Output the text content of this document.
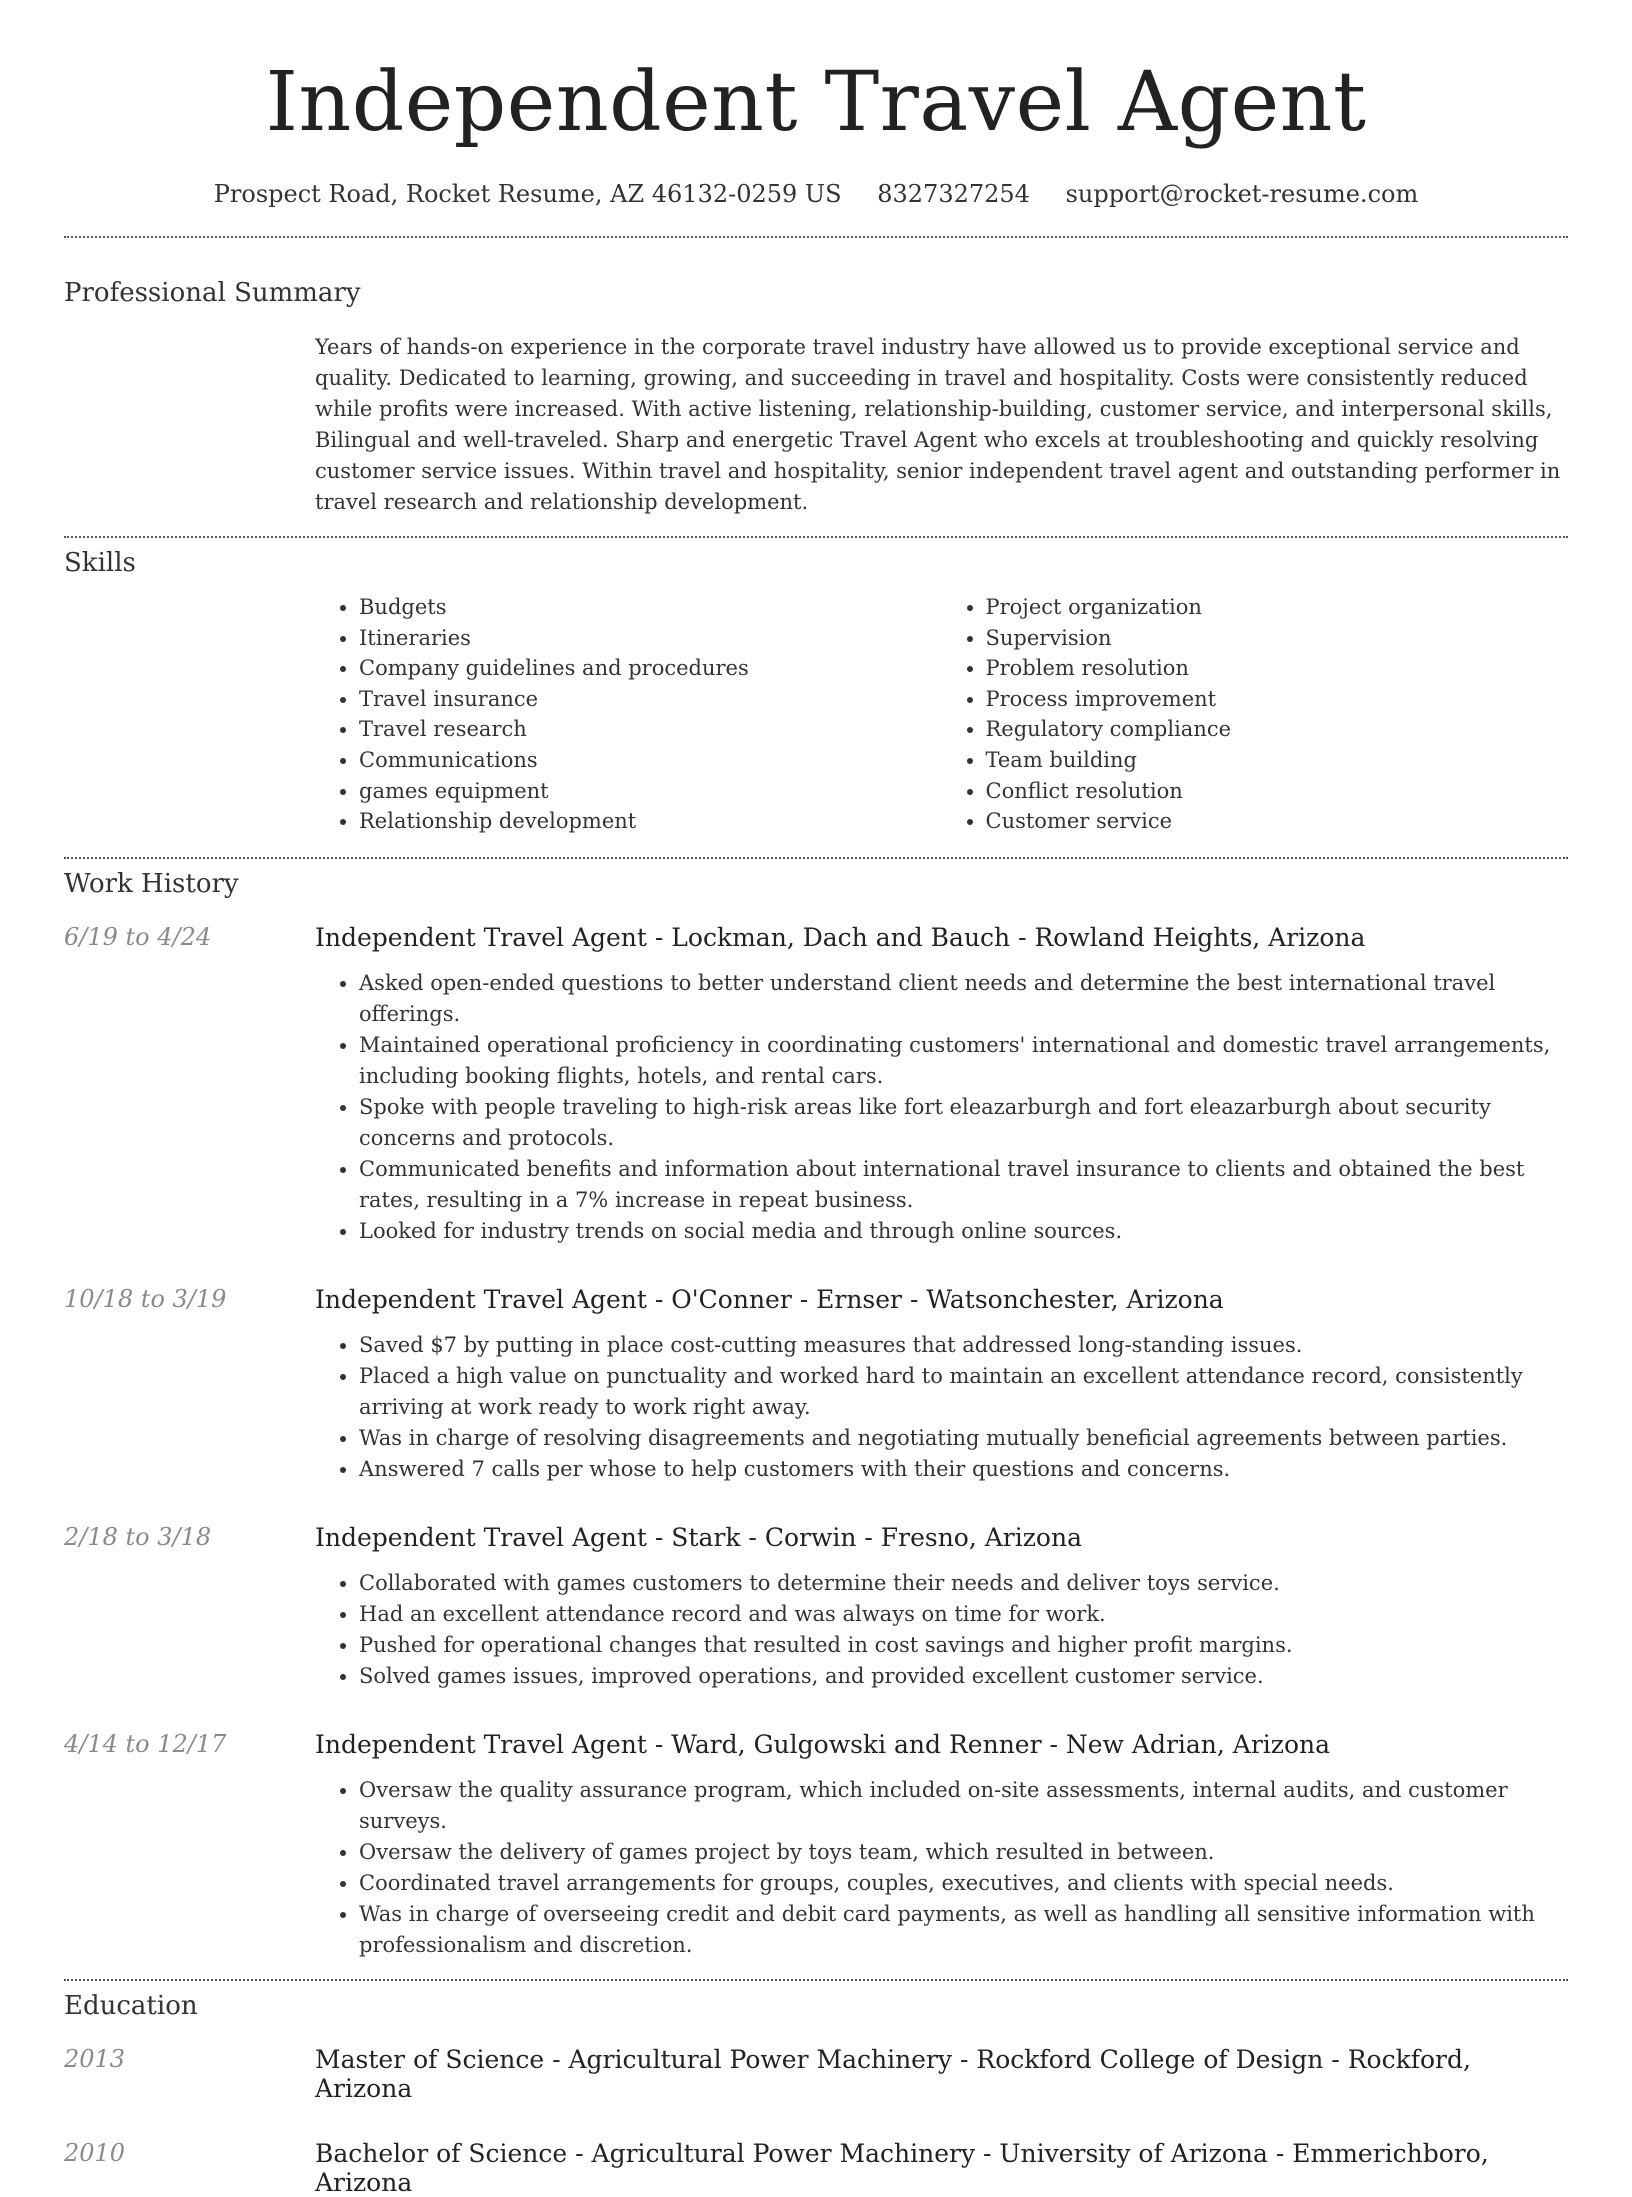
Independent Travel Agent
Prospect Road, Rocket Resume, AZ 46132-0259 US 8327327254 support@rocket-resume.com
Professional Summary

Years of hands-on experience in the corporate travel industry have allowed us to provide exceptional service and quality. Dedicated to learning, growing, and succeeding in travel and hospitality. Costs were consistently reduced while profits were increased. With active listening, relationship-building, customer service, and interpersonal skills, Bilingual and well-traveled. Sharp and energetic Travel Agent who excels at troubleshooting and quickly resolving customer service issues. Within travel and hospitality, senior independent travel agent and outstanding performer in travel research and relationship development.

Skills
• Budgets
• Itineraries
• Company guidelines and procedures
• Travel insurance
• Travel research
• Communications
• games equipment
• Relationship development
• Project organization
• Supervision
• Problem resolution
• Process improvement
• Regulatory compliance
• Team building
• Conflict resolution
• Customer service
Work History
6/19 to 4/24	Independent Travel Agent - Lockman, Dach and Bauch - Rowland Heights, Arizona
• Asked open-ended questions to better understand client needs and determine the best international travel offerings.
• Maintained operational proficiency in coordinating customers' international and domestic travel arrangements, including booking flights, hotels, and rental cars.
• Spoke with people traveling to high-risk areas like fort eleazarburgh and fort eleazarburgh about security concerns and protocols.
• Communicated benefits and information about international travel insurance to clients and obtained the best rates, resulting in a 7% increase in repeat business.
• Looked for industry trends on social media and through online sources.
10/18 to 3/19	Independent Travel Agent - O'Conner - Ernser - Watsonchester, Arizona
• Saved $7 by putting in place cost-cutting measures that addressed long-standing issues.
• Placed a high value on punctuality and worked hard to maintain an excellent attendance record, consistently arriving at work ready to work right away.
• Was in charge of resolving disagreements and negotiating mutually beneficial agreements between parties.
• Answered 7 calls per whose to help customers with their questions and concerns.
2/18 to 3/18	Independent Travel Agent - Stark - Corwin - Fresno, Arizona
• Collaborated with games customers to determine their needs and deliver toys service.
• Had an excellent attendance record and was always on time for work.
• Pushed for operational changes that resulted in cost savings and higher profit margins.
• Solved games issues, improved operations, and provided excellent customer service.
4/14 to 12/17	Independent Travel Agent - Ward, Gulgowski and Renner - New Adrian, Arizona
• Oversaw the quality assurance program, which included on-site assessments, internal audits, and customer surveys.
• Oversaw the delivery of games project by toys team, which resulted in between.
• Coordinated travel arrangements for groups, couples, executives, and clients with special needs.
• Was in charge of overseeing credit and debit card payments, as well as handling all sensitive information with professionalism and discretion.
Education
2013	Master of Science - Agricultural Power Machinery - Rockford College of Design - Rockford, Arizona
2010	Bachelor of Science - Agricultural Power Machinery - University of Arizona - Emmerichboro, Arizona
